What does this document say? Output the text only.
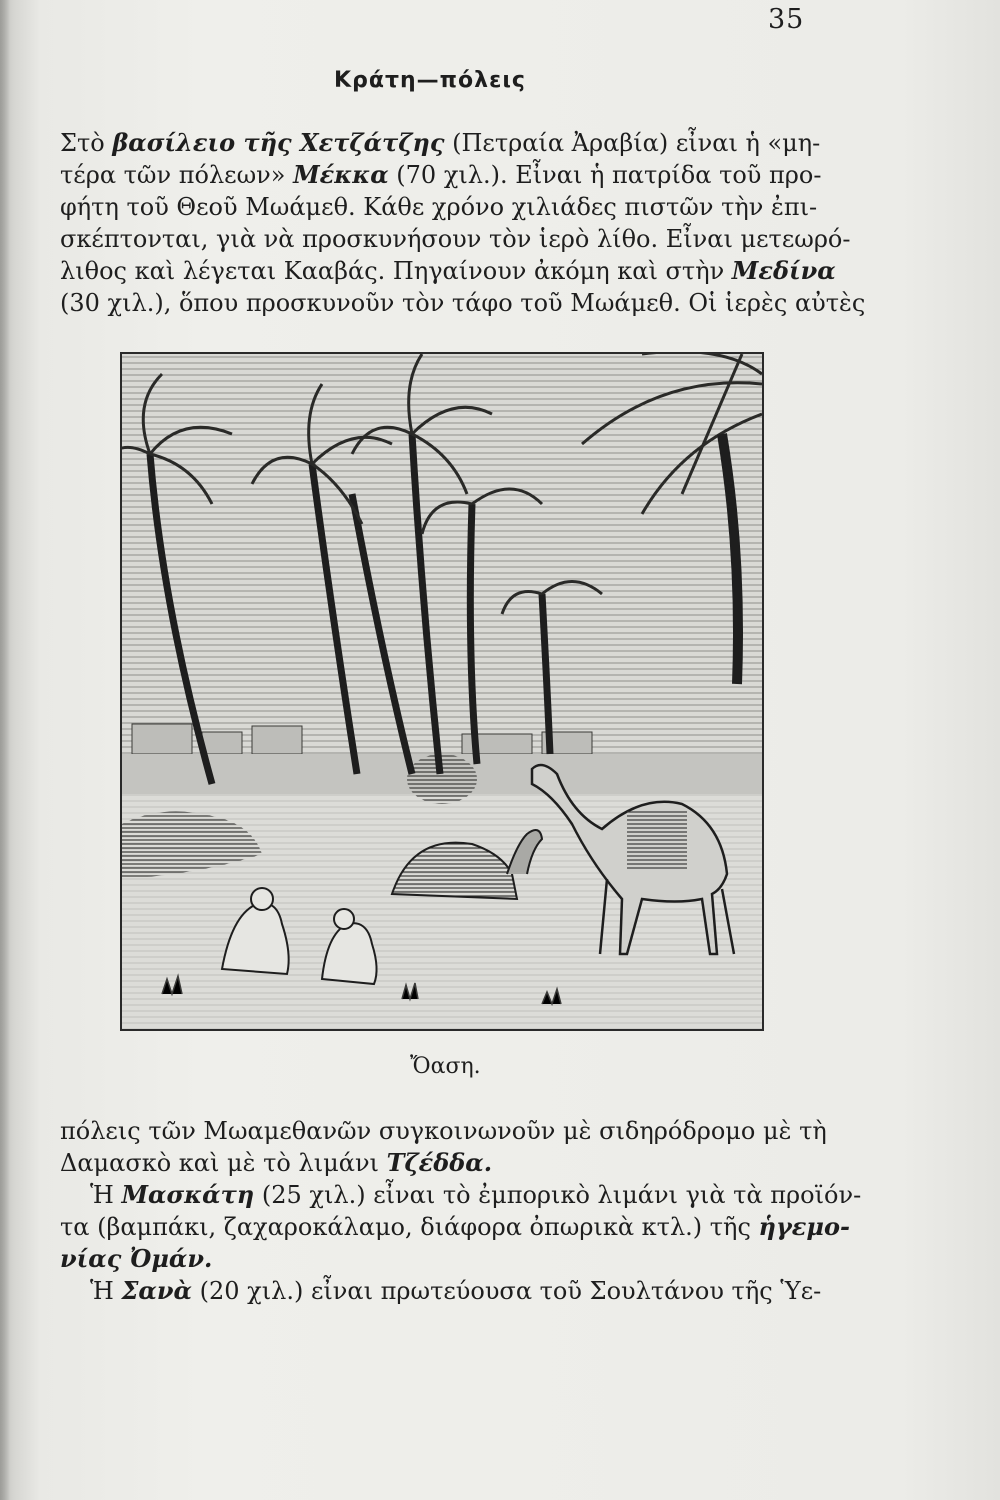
35
Κράτη—πόλεις
Στὸ βασίλειο τῆς Χετζάτζης (Πετραία Ἀραβία) εἶναι ἡ «μη-
τέρα τῶν πόλεων» Μέκκα (70 χιλ.). Εἶναι ἡ πατρίδα τοῦ προ-
φήτη τοῦ Θεοῦ Μωάμεθ. Κάθε χρόνο χιλιάδες πιστῶν τὴν ἐπι-
σκέπτονται, γιὰ νὰ προσκυνήσουν τὸν ἱερὸ λίθο. Εἶναι μετεωρό-
λιθος καὶ λέγεται Κααβάς. Πηγαίνουν ἀκόμη καὶ στὴν Μεδίνα
(30 χιλ.), ὅπου προσκυνοῦν τὸν τάφο τοῦ Μωάμεθ. Οἱ ἱερὲς αὐτὲς
Ὄαση.
πόλεις τῶν Μωαμεθανῶν συγκοινωνοῦν μὲ σιδηρόδρομο μὲ τὴ
Δαμασκὸ καὶ μὲ τὸ λιμάνι Τζέδδα.
Ἡ Μασκάτη (25 χιλ.) εἶναι τὸ ἐμπορικὸ λιμάνι γιὰ τὰ προϊόν-
τα (βαμπάκι, ζαχαροκάλαμο, διάφορα ὀπωρικὰ κτλ.) τῆς ἡγεμο-
νίας Ὀμάν.
Ἡ Σανὰ (20 χιλ.) εἶναι πρωτεύουσα τοῦ Σουλτάνου τῆς Ὑε-
